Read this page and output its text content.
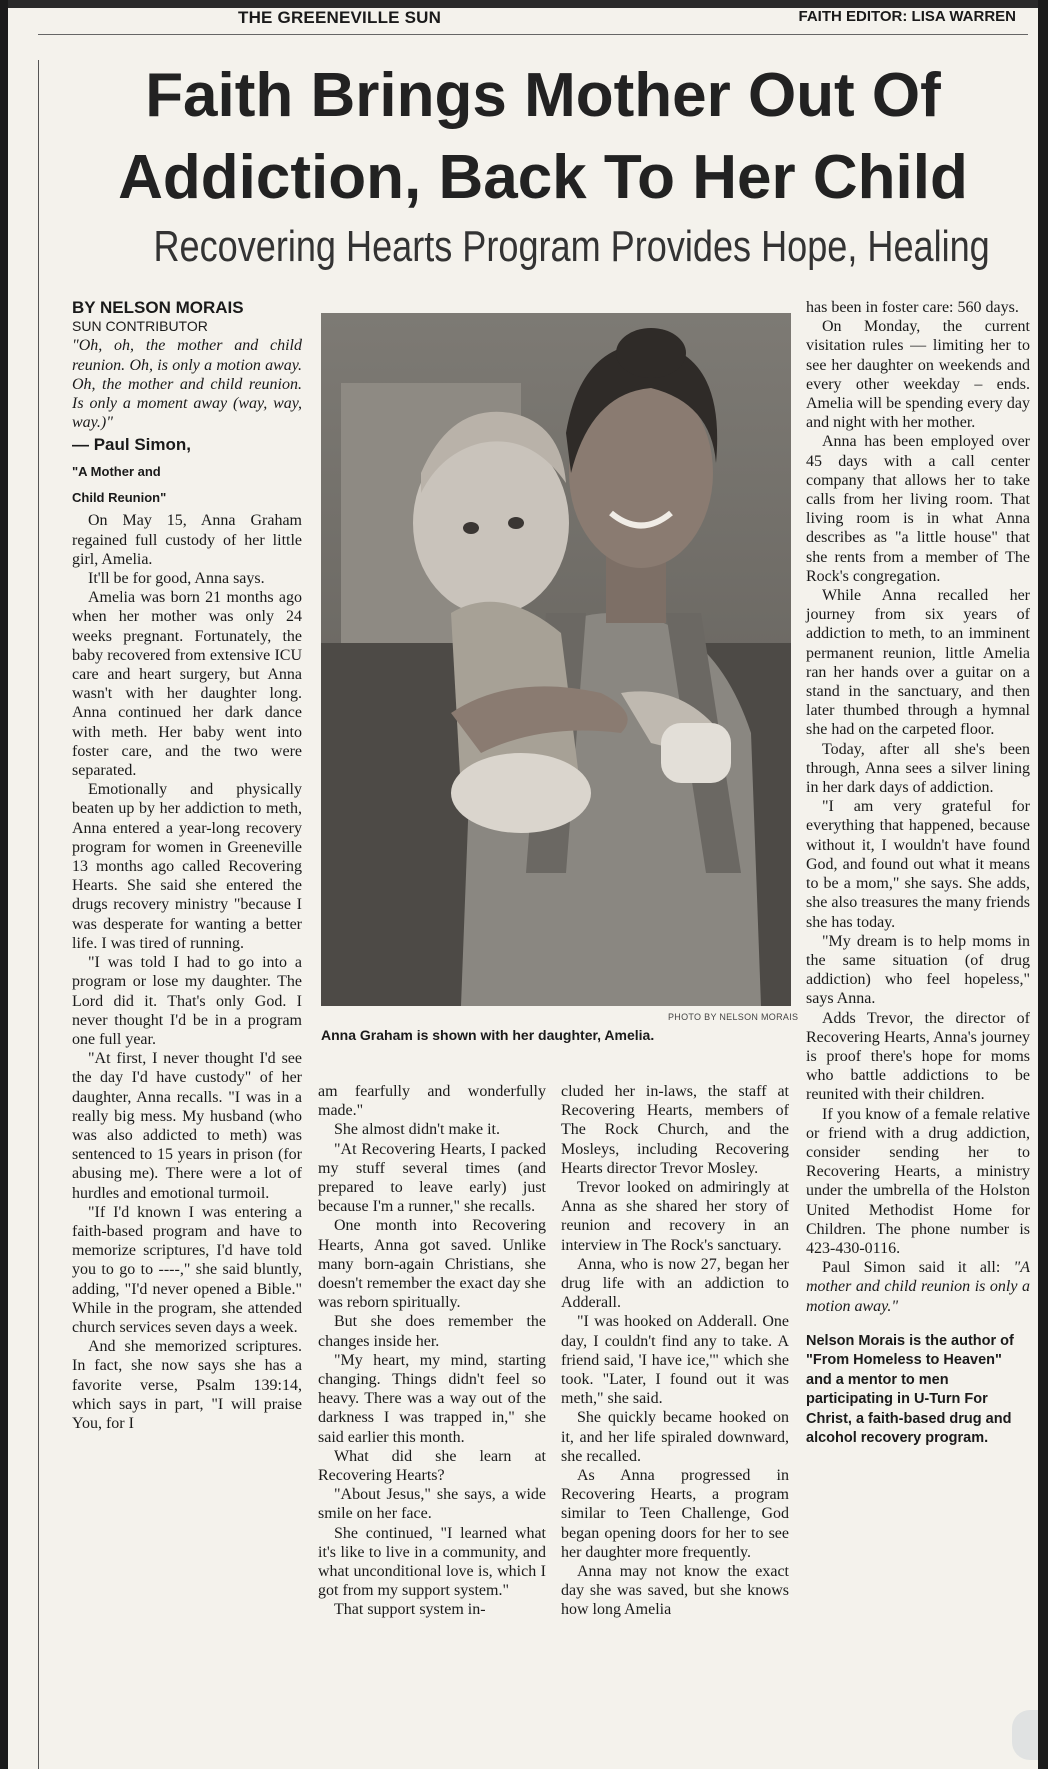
THE GREENEVILLE SUN	FAITH EDITOR: LISA WARREN
Faith Brings Mother Out Of
Addiction, Back To Her Child
Recovering Hearts Program Provides Hope, Healing

BY NELSON MORAIS

SUN CONTRIBUTOR

"Oh, oh, the mother and child reunion. Oh, is only a motion away. Oh, the mother and child reunion. Is only a moment away (way, way, way.)"

— Paul Simon,
"A Mother and
Child Reunion"

On May 15, Anna Graham regained full custody of her little girl, Amelia.

It'll be for good, Anna says.

Amelia was born 21 months ago when her mother was only 24 weeks pregnant. Fortunately, the baby recovered from extensive ICU care and heart surgery, but Anna wasn't with her daughter long. Anna continued her dark dance with meth. Her baby went into foster care, and the two were separated.

Emotionally and physically beaten up by her addiction to meth, Anna entered a year-long recovery program for women in Greeneville 13 months ago called Recovering Hearts. She said she entered the drugs recovery ministry "because I was desperate for wanting a better life. I was tired of running.

"I was told I had to go into a program or lose my daughter. The Lord did it. That's only God. I never thought I'd be in a program one full year.

"At first, I never thought I'd see the day I'd have custody" of her daughter, Anna recalls. "I was in a really big mess. My husband (who was also addicted to meth) was sentenced to 15 years in prison (for abusing me). There were a lot of hurdles and emotional turmoil.

"If I'd known I was entering a faith-based program and have to memorize scriptures, I'd have told you to go to ----," she said bluntly, adding, "I'd never opened a Bible." While in the program, she attended church services seven days a week.

And she memorized scriptures. In fact, she now says she has a favorite verse, Psalm 139:14, which says in part, "I will praise You, for I

PHOTO BY NELSON MORAIS
Anna Graham is shown with her daughter, Amelia.

am fearfully and wonderfully made."

She almost didn't make it.

"At Recovering Hearts, I packed my stuff several times (and prepared to leave early) just because I'm a runner," she recalls.

One month into Recovering Hearts, Anna got saved. Unlike many born-again Christians, she doesn't remember the exact day she was reborn spiritually.

But she does remember the changes inside her.

"My heart, my mind, starting changing. Things didn't feel so heavy. There was a way out of the darkness I was trapped in," she said earlier this month.

What did she learn at Recovering Hearts?

"About Jesus," she says, a wide smile on her face.

She continued, "I learned what it's like to live in a community, and what unconditional love is, which I got from my support system."

That support system in-

cluded her in-laws, the staff at Recovering Hearts, members of The Rock Church, and the Mosleys, including Recovering Hearts director Trevor Mosley.

Trevor looked on admiringly at Anna as she shared her story of reunion and recovery in an interview in The Rock's sanctuary.

Anna, who is now 27, began her drug life with an addiction to Adderall.

"I was hooked on Adderall. One day, I couldn't find any to take. A friend said, 'I have ice,'" which she took. "Later, I found out it was meth," she said.

She quickly became hooked on it, and her life spiraled downward, she recalled.

As Anna progressed in Recovering Hearts, a program similar to Teen Challenge, God began opening doors for her to see her daughter more frequently.

Anna may not know the exact day she was saved, but she knows how long Amelia

has been in foster care: 560 days.

On Monday, the current visitation rules — limiting her to see her daughter on weekends and every other weekday – ends. Amelia will be spending every day and night with her mother.

Anna has been employed over 45 days with a call center company that allows her to take calls from her living room. That living room is in what Anna describes as "a little house" that she rents from a member of The Rock's congregation.

While Anna recalled her journey from six years of addiction to meth, to an imminent permanent reunion, little Amelia ran her hands over a guitar on a stand in the sanctuary, and then later thumbed through a hymnal she had on the carpeted floor.

Today, after all she's been through, Anna sees a silver lining in her dark days of addiction.

"I am very grateful for everything that happened, because without it, I wouldn't have found God, and found out what it means to be a mom," she says. She adds, she also treasures the many friends she has today.

"My dream is to help moms in the same situation (of drug addiction) who feel hopeless," says Anna.

Adds Trevor, the director of Recovering Hearts, Anna's journey is proof there's hope for moms who battle addictions to be reunited with their children.

If you know of a female relative or friend with a drug addiction, consider sending her to Recovering Hearts, a ministry under the umbrella of the Holston United Methodist Home for Children. The phone number is 423-430-0116.

Paul Simon said it all: "A mother and child reunion is only a motion away."

Nelson Morais is the author of "From Homeless to Heaven" and a mentor to men participating in U-Turn For Christ, a faith-based drug and alcohol recovery program.
